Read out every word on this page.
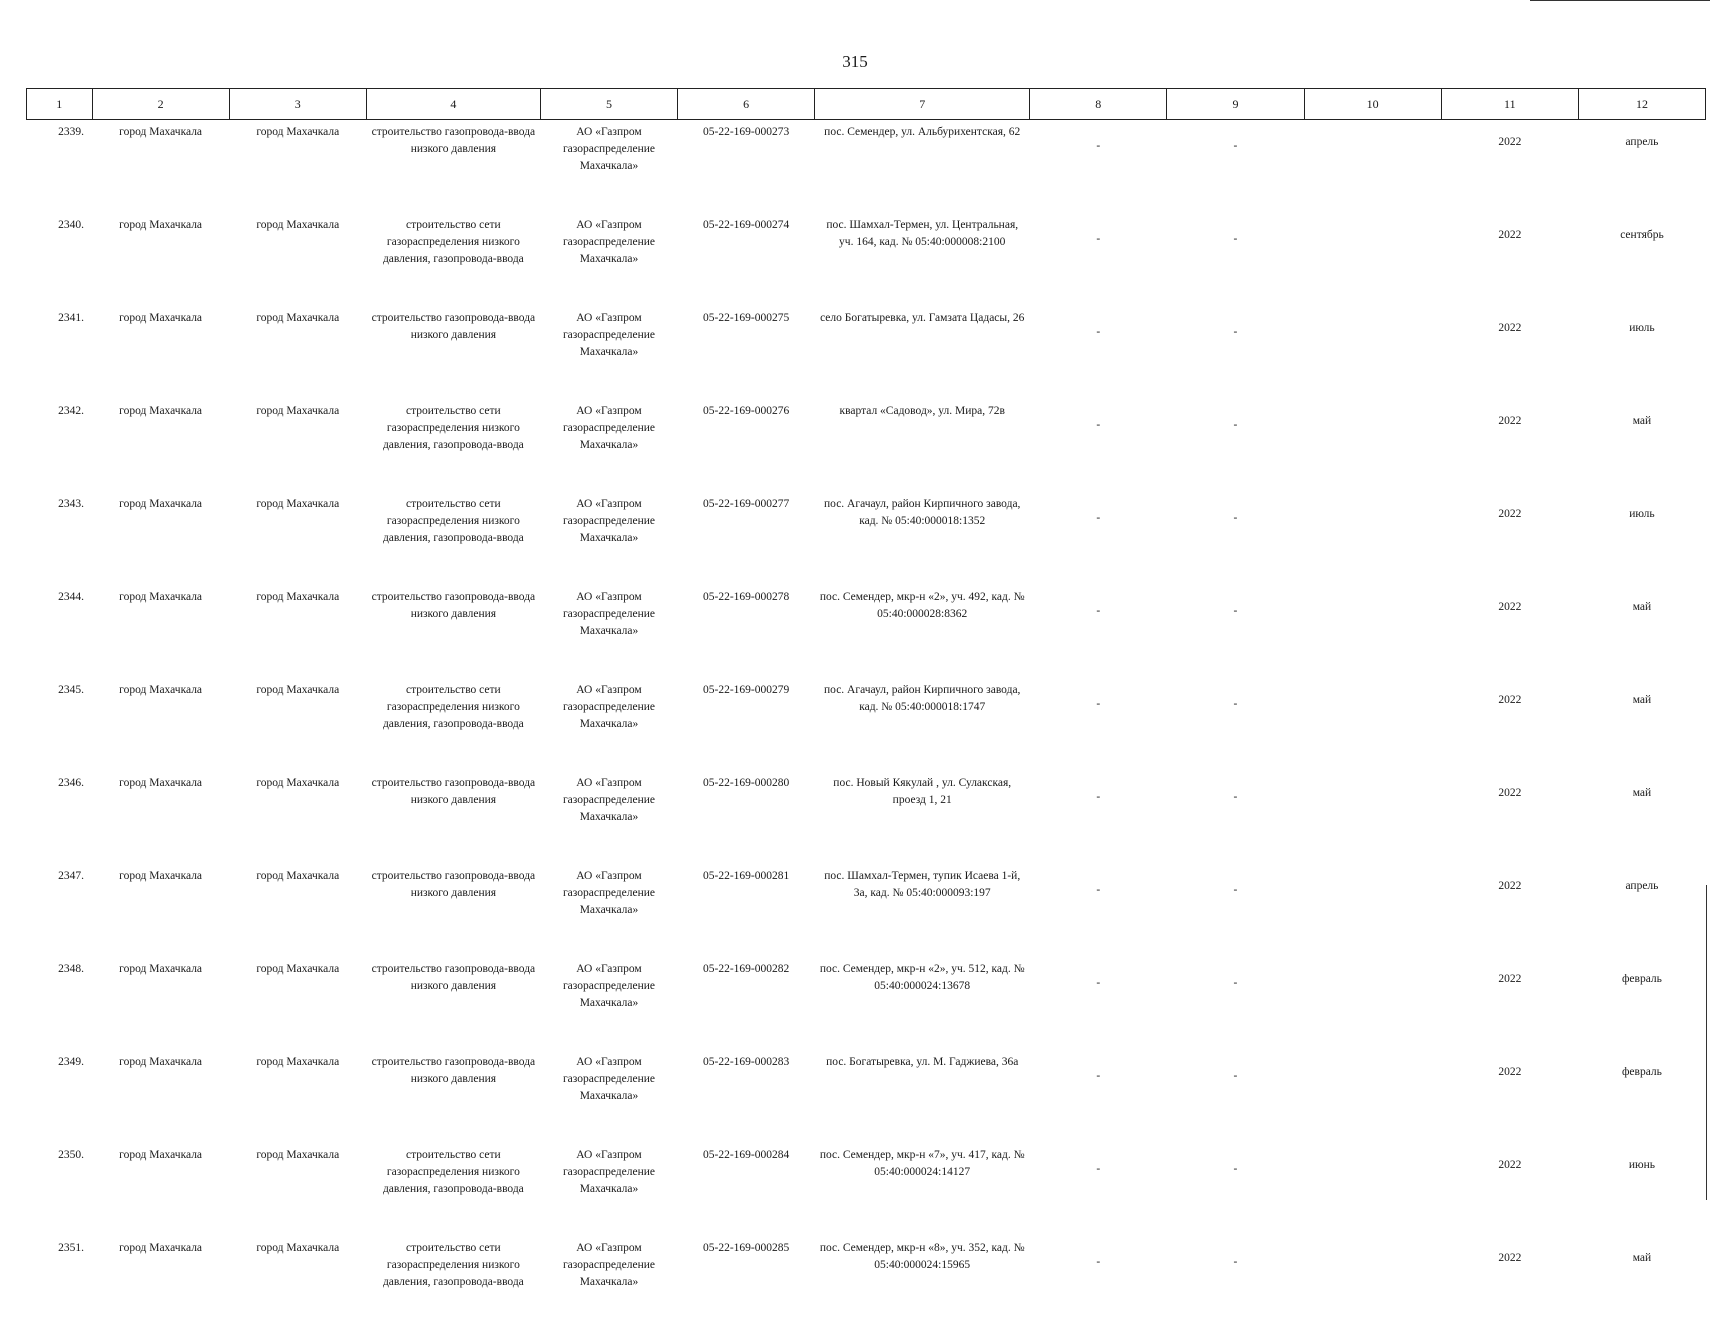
315
1	2	3	4	5	6	7	8	9	10	11	12
2339.	город Махачкала	город Махачкала	строительство газопровода-ввода низкого давления	АО «Газпром газораспределение Махачкала»	05-22-169-000273	пос. Семендер, ул. Альбурихентская, 62	-	-		2022	апрель
2340.	город Махачкала	город Махачкала	строительство сети газораспределения низкого давления, газопровода-ввода	АО «Газпром газораспределение Махачкала»	05-22-169-000274	пос. Шамхал-Термен, ул. Центральная, уч. 164, кад. № 05:40:000008:2100	-	-		2022	сентябрь
2341.	город Махачкала	город Махачкала	строительство газопровода-ввода низкого давления	АО «Газпром газораспределение Махачкала»	05-22-169-000275	село Богатыревка, ул. Гамзата Цадасы, 26	-	-		2022	июль
2342.	город Махачкала	город Махачкала	строительство сети газораспределения низкого давления, газопровода-ввода	АО «Газпром газораспределение Махачкала»	05-22-169-000276	квартал «Садовод», ул. Мира, 72в	-	-		2022	май
2343.	город Махачкала	город Махачкала	строительство сети газораспределения низкого давления, газопровода-ввода	АО «Газпром газораспределение Махачкала»	05-22-169-000277	пос. Агачаул, район Кирпичного завода, кад. № 05:40:000018:1352	-	-		2022	июль
2344.	город Махачкала	город Махачкала	строительство газопровода-ввода низкого давления	АО «Газпром газораспределение Махачкала»	05-22-169-000278	пос. Семендер, мкр-н «2», уч. 492, кад. № 05:40:000028:8362	-	-		2022	май
2345.	город Махачкала	город Махачкала	строительство сети газораспределения низкого давления, газопровода-ввода	АО «Газпром газораспределение Махачкала»	05-22-169-000279	пос. Агачаул, район Кирпичного завода, кад. № 05:40:000018:1747	-	-		2022	май
2346.	город Махачкала	город Махачкала	строительство газопровода-ввода низкого давления	АО «Газпром газораспределение Махачкала»	05-22-169-000280	пос. Новый Кякулай , ул. Сулакская, проезд 1, 21	-	-		2022	май
2347.	город Махачкала	город Махачкала	строительство газопровода-ввода низкого давления	АО «Газпром газораспределение Махачкала»	05-22-169-000281	пос. Шамхал-Термен, тупик Исаева 1-й, 3а, кад. № 05:40:000093:197	-	-		2022	апрель
2348.	город Махачкала	город Махачкала	строительство газопровода-ввода низкого давления	АО «Газпром газораспределение Махачкала»	05-22-169-000282	пос. Семендер, мкр-н «2», уч. 512, кад. № 05:40:000024:13678	-	-		2022	февраль
2349.	город Махачкала	город Махачкала	строительство газопровода-ввода низкого давления	АО «Газпром газораспределение Махачкала»	05-22-169-000283	пос. Богатыревка, ул. М. Гаджиева, 36а	-	-		2022	февраль
2350.	город Махачкала	город Махачкала	строительство сети газораспределения низкого давления, газопровода-ввода	АО «Газпром газораспределение Махачкала»	05-22-169-000284	пос. Семендер, мкр-н «7», уч. 417, кад. № 05:40:000024:14127	-	-		2022	июнь
2351.	город Махачкала	город Махачкала	строительство сети газораспределения низкого давления, газопровода-ввода	АО «Газпром газораспределение Махачкала»	05-22-169-000285	пос. Семендер, мкр-н «8», уч. 352, кад. № 05:40:000024:15965	-	-		2022	май
